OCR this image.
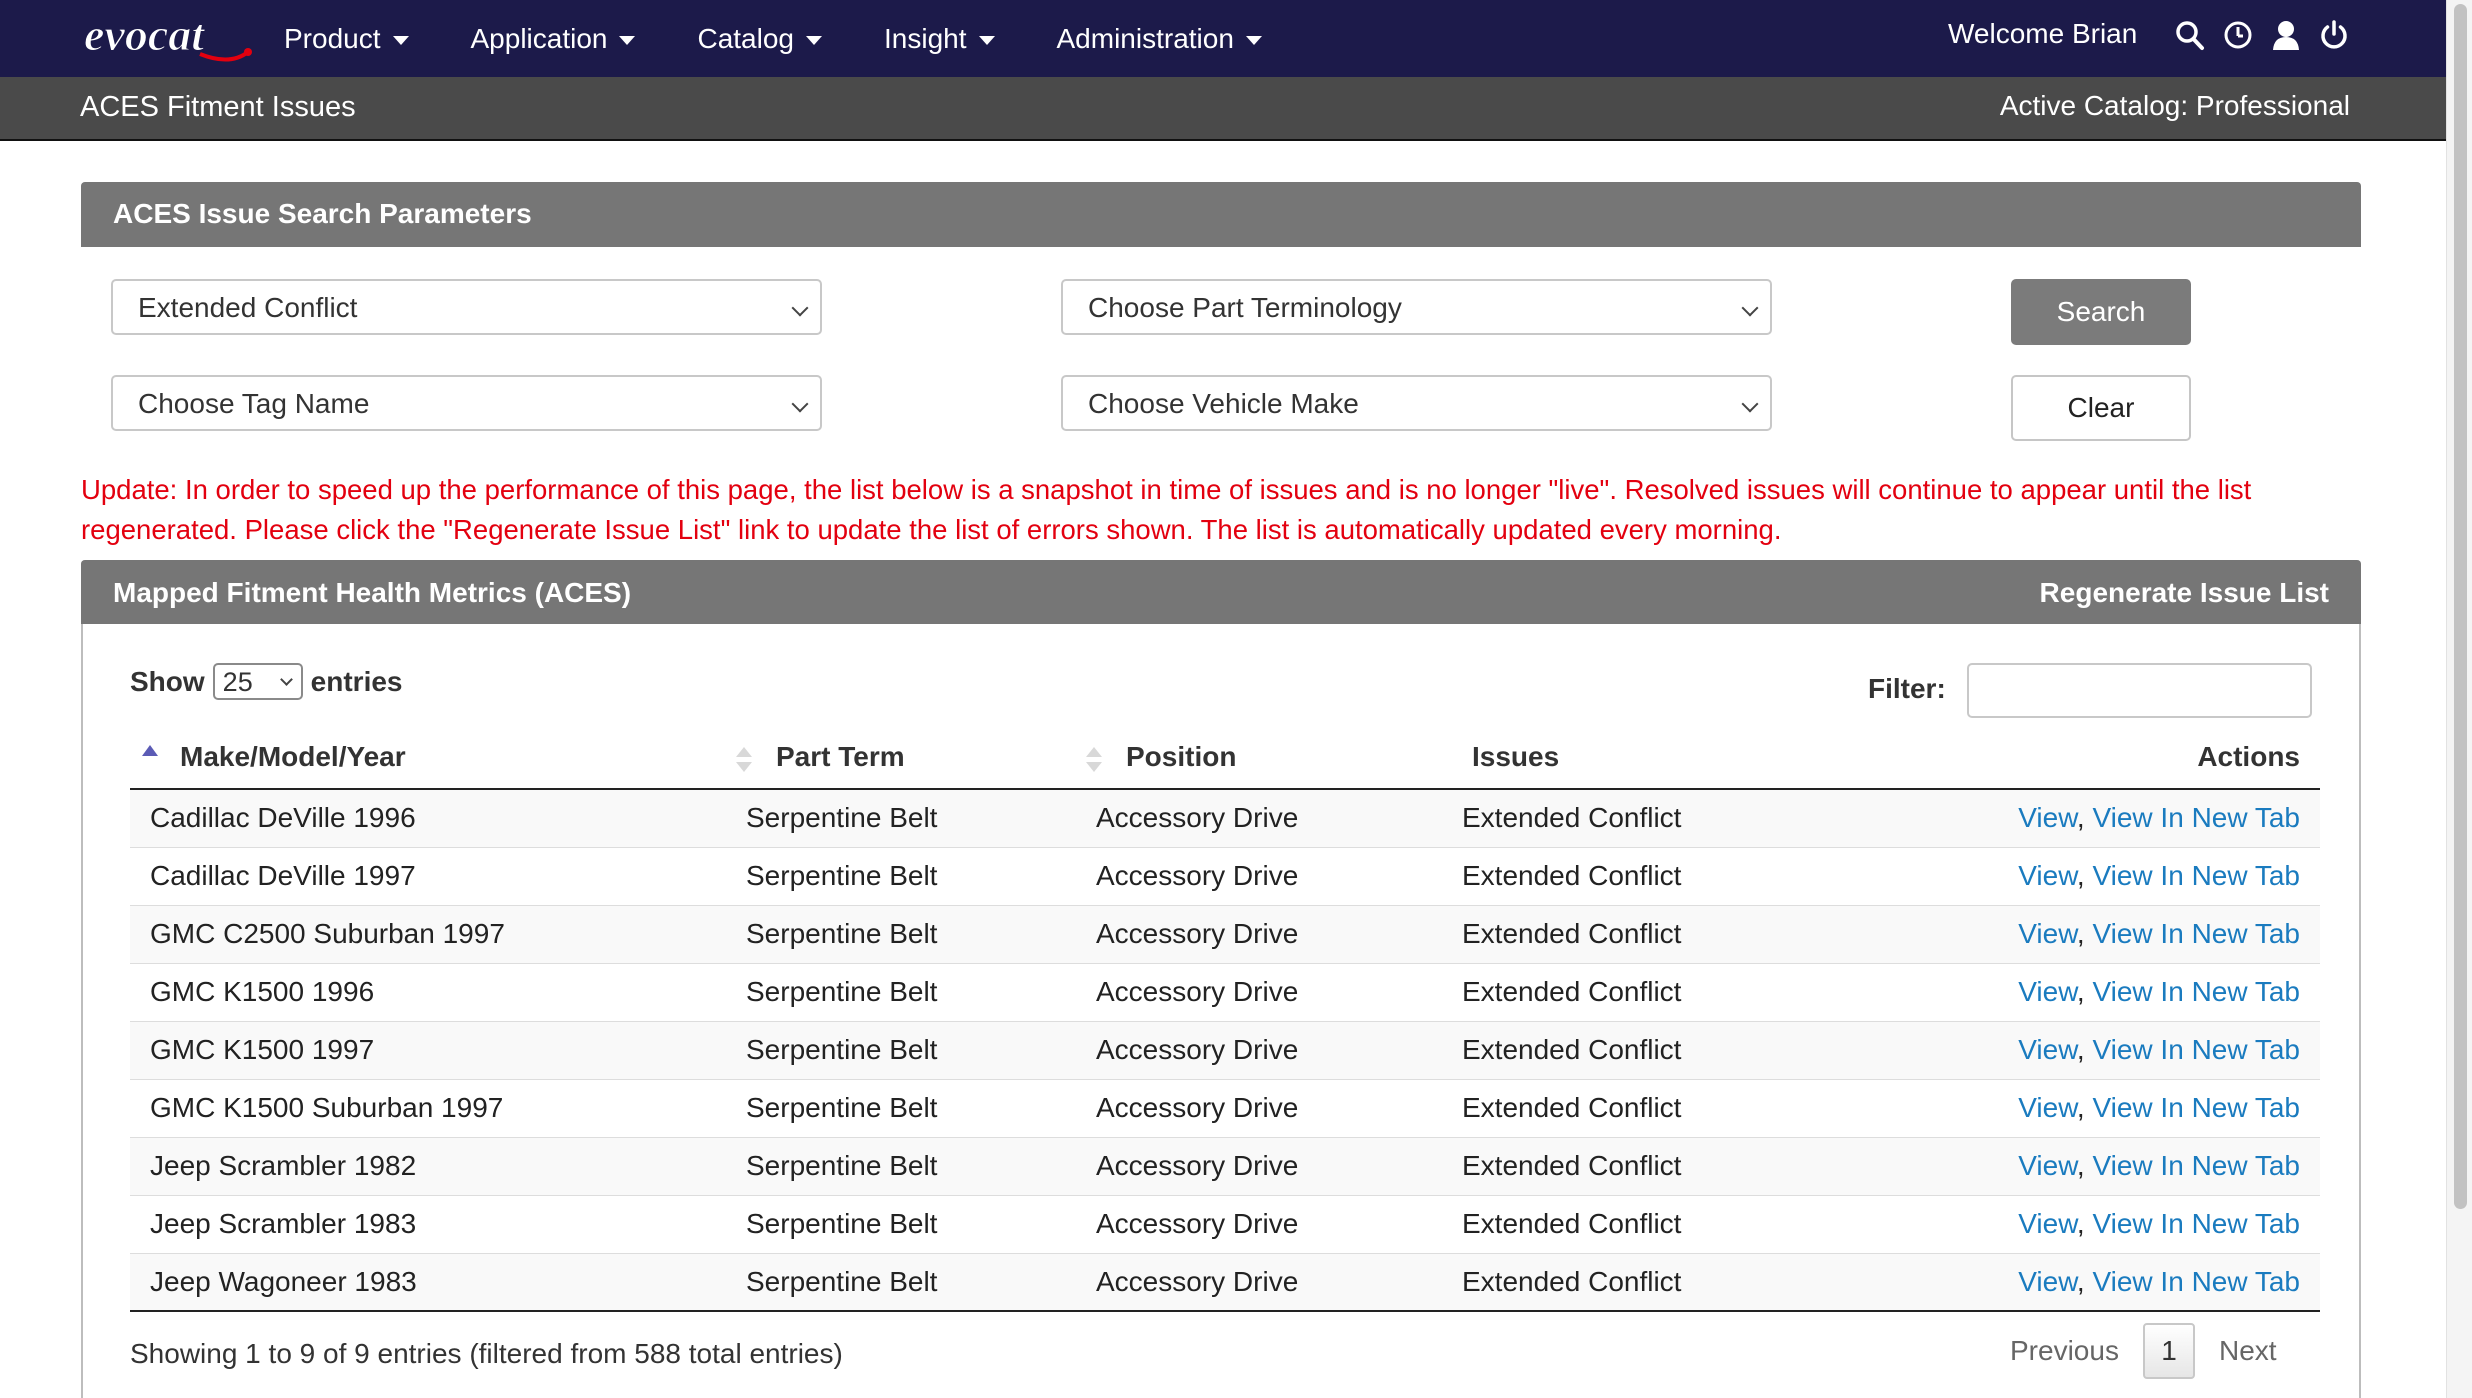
evocat	Product	Application	Catalog	Insight	Administration	Welcome Brian
ACES Fitment Issues	Active Catalog: Professional
ACES Issue Search Parameters
Extended Conflict	Choose Part Terminology	Search
Choose Tag Name	Choose Vehicle Make	Clear
Update: In order to speed up the performance of this page, the list below is a snapshot in time of issues and is no longer "live". Resolved issues will continue to appear until the list regenerated. Please click the "Regenerate Issue List" link to update the list of errors shown. The list is automatically updated every morning.
Mapped Fitment Health Metrics (ACES)	Regenerate Issue List
Show 25	entries	Filter:
Make/Model/Year	Part Term	Position	Issues	Actions
Cadillac DeVille 1996	Serpentine Belt	Accessory Drive	Extended Conflict	View, View In New Tab
Cadillac DeVille 1997	Serpentine Belt	Accessory Drive	Extended Conflict	View, View In New Tab
GMC C2500 Suburban 1997	Serpentine Belt	Accessory Drive	Extended Conflict	View, View In New Tab
GMC K1500 1996	Serpentine Belt	Accessory Drive	Extended Conflict	View, View In New Tab
GMC K1500 1997	Serpentine Belt	Accessory Drive	Extended Conflict	View, View In New Tab
GMC K1500 Suburban 1997	Serpentine Belt	Accessory Drive	Extended Conflict	View, View In New Tab
Jeep Scrambler 1982	Serpentine Belt	Accessory Drive	Extended Conflict	View, View In New Tab
Jeep Scrambler 1983	Serpentine Belt	Accessory Drive	Extended Conflict	View, View In New Tab
Jeep Wagoneer 1983	Serpentine Belt	Accessory Drive	Extended Conflict	View, View In New Tab
Showing 1 to 9 of 9 entries (filtered from 588 total entries)	Previous	1	Next
